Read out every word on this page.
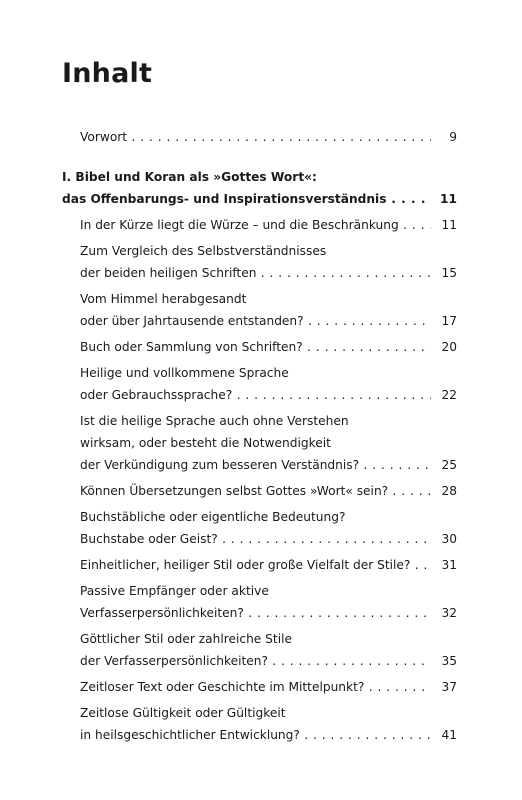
Inhalt
Vorwort . . .	9
I. Bibel und Koran als »Gottes Wort«:
das Offenbarungs- und Inspirationsverständnis . . .	11
In der Kürze liegt die Würze – und die Beschränkung . . .	11
Zum Vergleich des Selbstverständnisses
der beiden heiligen Schriften . . .	15
Vom Himmel herabgesandt
oder über Jahrtausende entstanden? . . .	17
Buch oder Sammlung von Schriften? . . .	20
Heilige und vollkommene Sprache
oder Gebrauchssprache? . . .	22
Ist die heilige Sprache auch ohne Verstehen
wirksam, oder besteht die Notwendigkeit
der Verkündigung zum besseren Verständnis? . . .	25
Können Übersetzungen selbst Gottes »Wort« sein? . . .	28
Buchstäbliche oder eigentliche Bedeutung?
Buchstabe oder Geist? . . .	30
Einheitlicher, heiliger Stil oder große Vielfalt der Stile? . . .	31
Passive Empfänger oder aktive
Verfasserpersönlichkeiten? . . .	32
Göttlicher Stil oder zahlreiche Stile
der Verfasserpersönlichkeiten? . . .	35
Zeitloser Text oder Geschichte im Mittelpunkt? . . .	37
Zeitlose Gültigkeit oder Gültigkeit
in heilsgeschichtlicher Entwicklung? . . .	41
